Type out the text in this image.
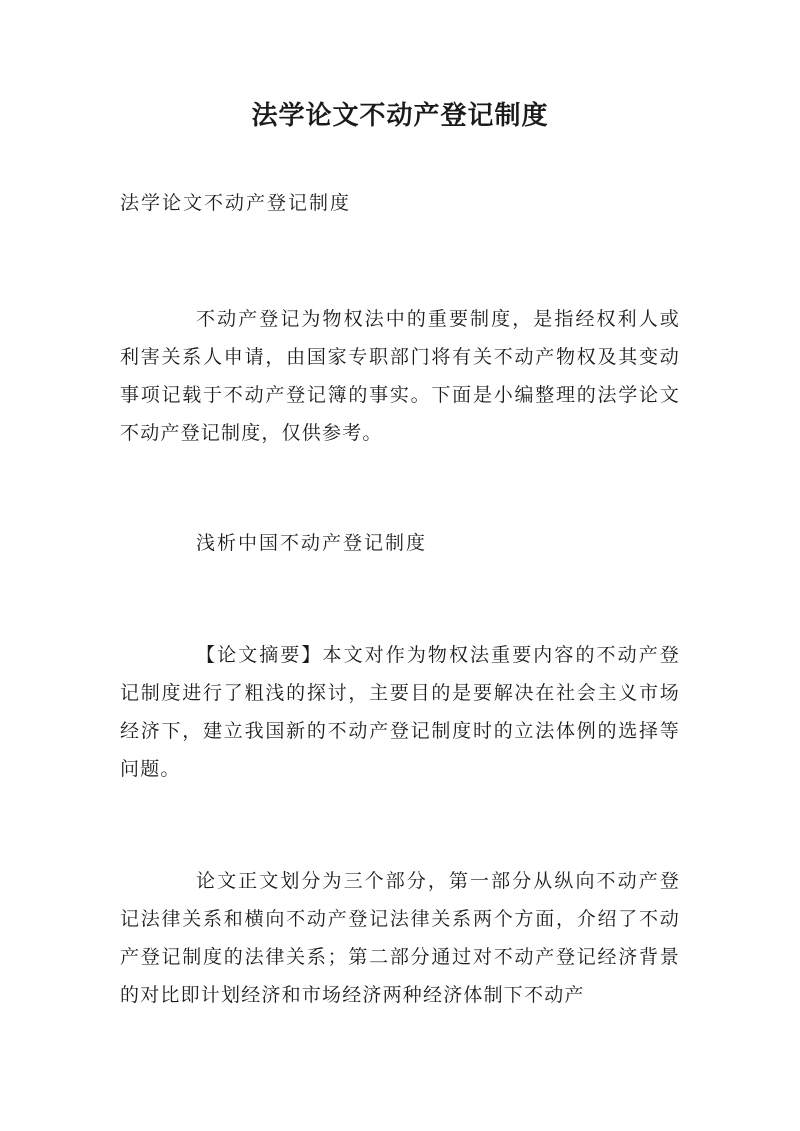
法学论文不动产登记制度

法学论文不动产登记制度

不动产登记为物权法中的重要制度，是指经权利人或利害关系人申请，由国家专职部门将有关不动产物权及其变动事项记载于不动产登记簿的事实。下面是小编整理的法学论文不动产登记制度，仅供参考。

浅析中国不动产登记制度

【论文摘要】本文对作为物权法重要内容的不动产登记制度进行了粗浅的探讨，主要目的是要解决在社会主义市场经济下，建立我国新的不动产登记制度时的立法体例的选择等问题。

论文正文划分为三个部分，第一部分从纵向不动产登记法律关系和横向不动产登记法律关系两个方面，介绍了不动产登记制度的法律关系；第二部分通过对不动产登记经济背景的对比即计划经济和市场经济两种经济体制下不动产
